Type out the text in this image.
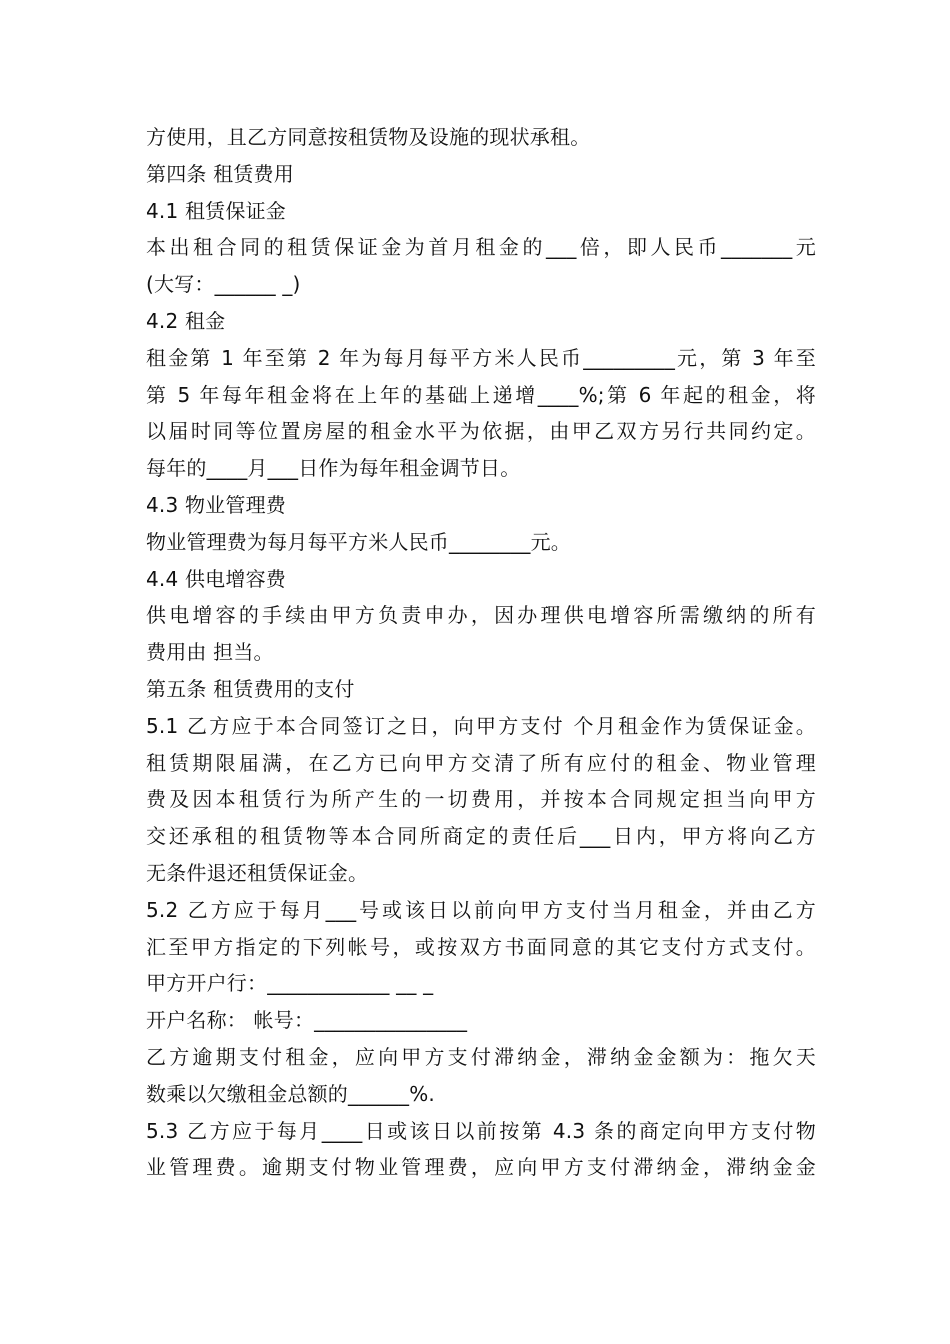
方使用，且乙方同意按租赁物及设施的现状承租。
第四条 租赁费用
4.1 租赁保证金
本出租合同的租赁保证金为首月租金的___倍，即人民币_______元
(大写：______ _)
4.2 租金
租金第 1 年至第 2 年为每月每平方米人民币_________元，第 3 年至
第 5 年每年租金将在上年的基础上递增____%;第 6 年起的租金，将
以届时同等位置房屋的租金水平为依据，由甲乙双方另行共同约定。
每年的____月___日作为每年租金调节日。
4.3 物业管理费
物业管理费为每月每平方米人民币________元。
4.4 供电增容费
供电增容的手续由甲方负责申办，因办理供电增容所需缴纳的所有
费用由 担当。
第五条 租赁费用的支付
5.1 乙方应于本合同签订之日，向甲方支付 个月租金作为赁保证金。
租赁期限届满，在乙方已向甲方交清了所有应付的租金、物业管理
费及因本租赁行为所产生的一切费用，并按本合同规定担当向甲方
交还承租的租赁物等本合同所商定的责任后___日内，甲方将向乙方
无条件退还租赁保证金。
5.2 乙方应于每月___号或该日以前向甲方支付当月租金，并由乙方
汇至甲方指定的下列帐号，或按双方书面同意的其它支付方式支付。
甲方开户行：____________ __ _
开户名称： 帐号：_______________
乙方逾期支付租金，应向甲方支付滞纳金，滞纳金金额为：拖欠天
数乘以欠缴租金总额的______%.
5.3 乙方应于每月____日或该日以前按第 4.3 条的商定向甲方支付物
业管理费。逾期支付物业管理费，应向甲方支付滞纳金，滞纳金金
